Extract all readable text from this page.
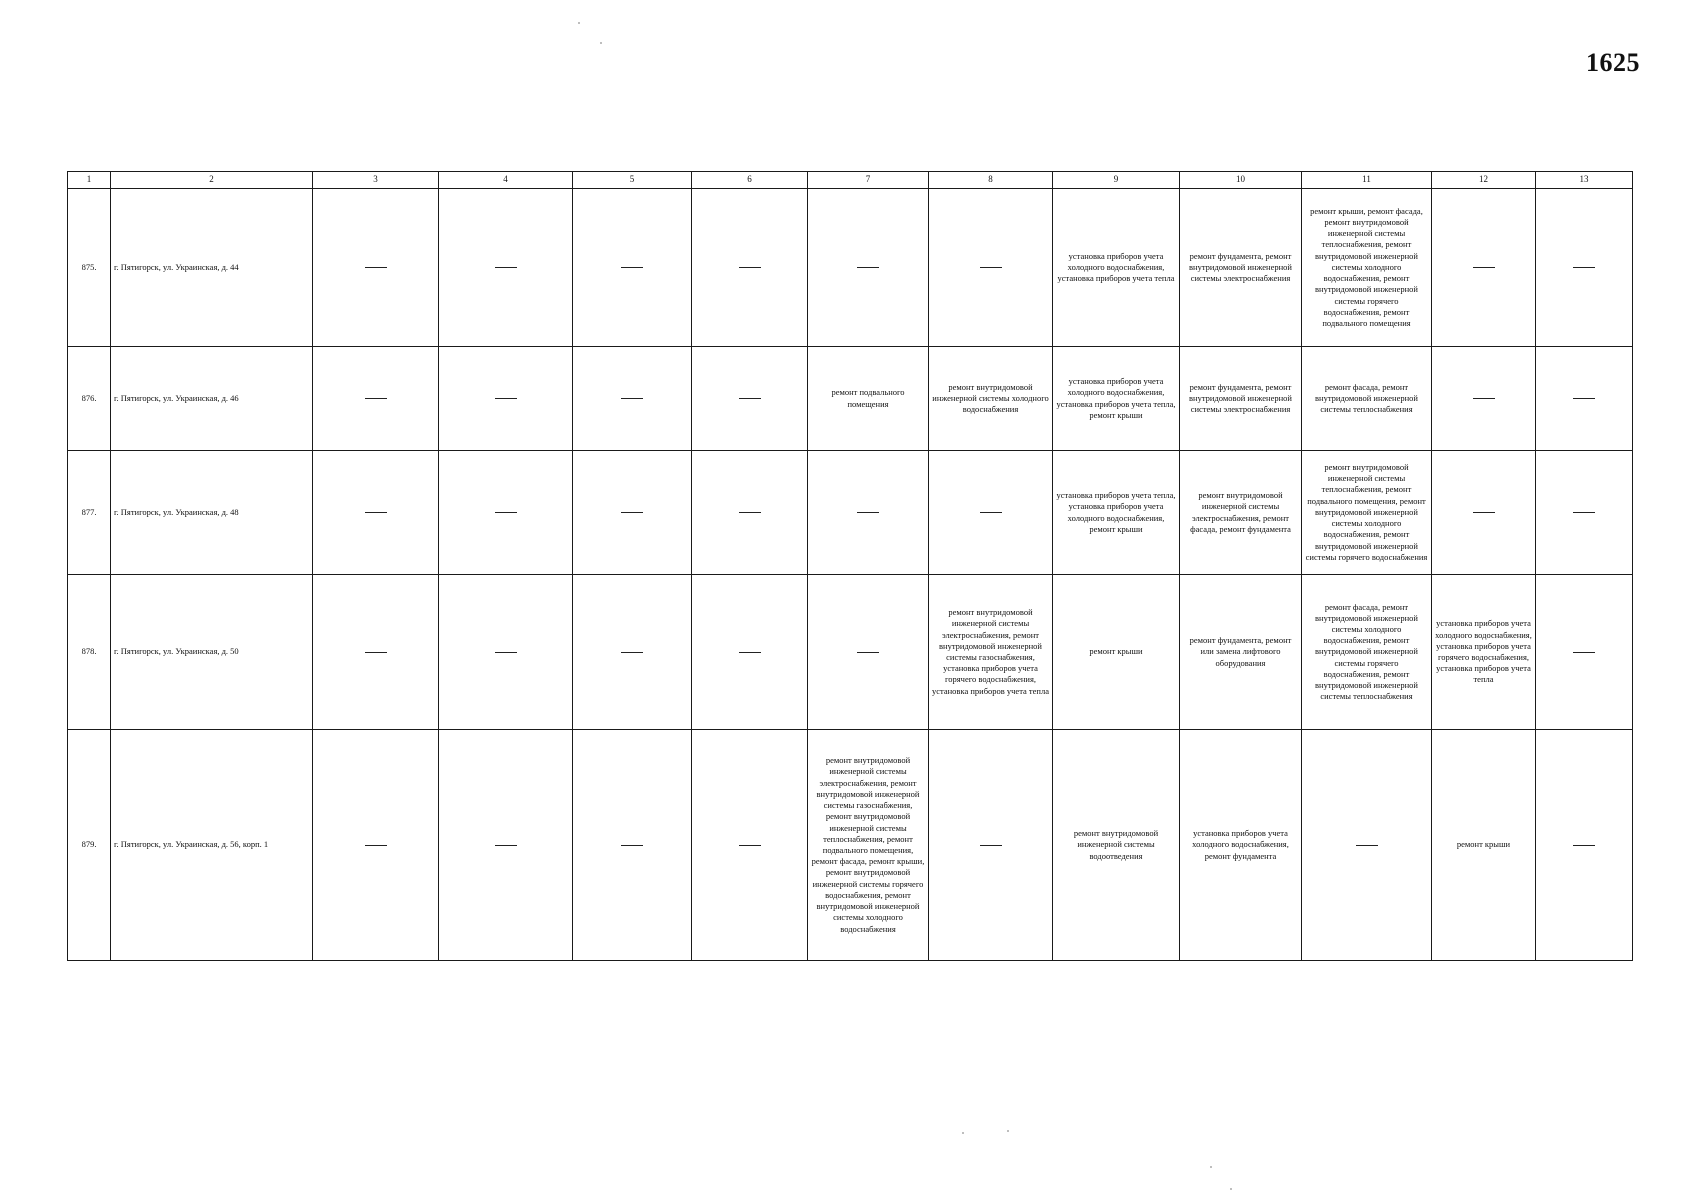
1625
1	2	3	4	5	6	7	8	9	10	11	12	13
875.	г. Пятигорск, ул. Украинская, д. 44							установка приборов учета холодного водоснабжения, установка приборов учета тепла	ремонт фундамента, ремонт внутридомовой инженерной системы электроснабжения	ремонт крыши, ремонт фасада, ремонт внутридомовой инженерной системы теплоснабжения, ремонт внутридомовой инженерной системы холодного водоснабжения, ремонт внутридомовой инженерной системы горячего водоснабжения, ремонт подвального помещения		
876.	г. Пятигорск, ул. Украинская, д. 46					ремонт подвального помещения	ремонт внутридомовой инженерной системы холодного водоснабжения	установка приборов учета холодного водоснабжения, установка приборов учета тепла, ремонт крыши	ремонт фундамента, ремонт внутридомовой инженерной системы электроснабжения	ремонт фасада, ремонт внутридомовой инженерной системы теплоснабжения		
877.	г. Пятигорск, ул. Украинская, д. 48							установка приборов учета тепла, установка приборов учета холодного водоснабжения, ремонт крыши	ремонт внутридомовой инженерной системы электроснабжения, ремонт фасада, ремонт фундамента	ремонт внутридомовой инженерной системы теплоснабжения, ремонт подвального помещения, ремонт внутридомовой инженерной системы холодного водоснабжения, ремонт внутридомовой инженерной системы горячего водоснабжения		
878.	г. Пятигорск, ул. Украинская, д. 50						ремонт внутридомовой инженерной системы электроснабжения, ремонт внутридомовой инженерной системы газоснабжения, установка приборов учета горячего водоснабжения, установка приборов учета тепла	ремонт крыши	ремонт фундамента, ремонт или замена лифтового оборудования	ремонт фасада, ремонт внутридомовой инженерной системы холодного водоснабжения, ремонт внутридомовой инженерной системы горячего водоснабжения, ремонт внутридомовой инженерной системы теплоснабжения	установка приборов учета холодного водоснабжения, установка приборов учета горячего водоснабжения, установка приборов учета тепла	
879.	г. Пятигорск, ул. Украинская, д. 56, корп. 1					ремонт внутридомовой инженерной системы электроснабжения, ремонт внутридомовой инженерной системы газоснабжения, ремонт внутридомовой инженерной системы теплоснабжения, ремонт подвального помещения, ремонт фасада, ремонт крыши, ремонт внутридомовой инженерной системы горячего водоснабжения, ремонт внутридомовой инженерной системы холодного водоснабжения		ремонт внутридомовой инженерной системы водоотведения	установка приборов учета холодного водоснабжения, ремонт фундамента		ремонт крыши	
